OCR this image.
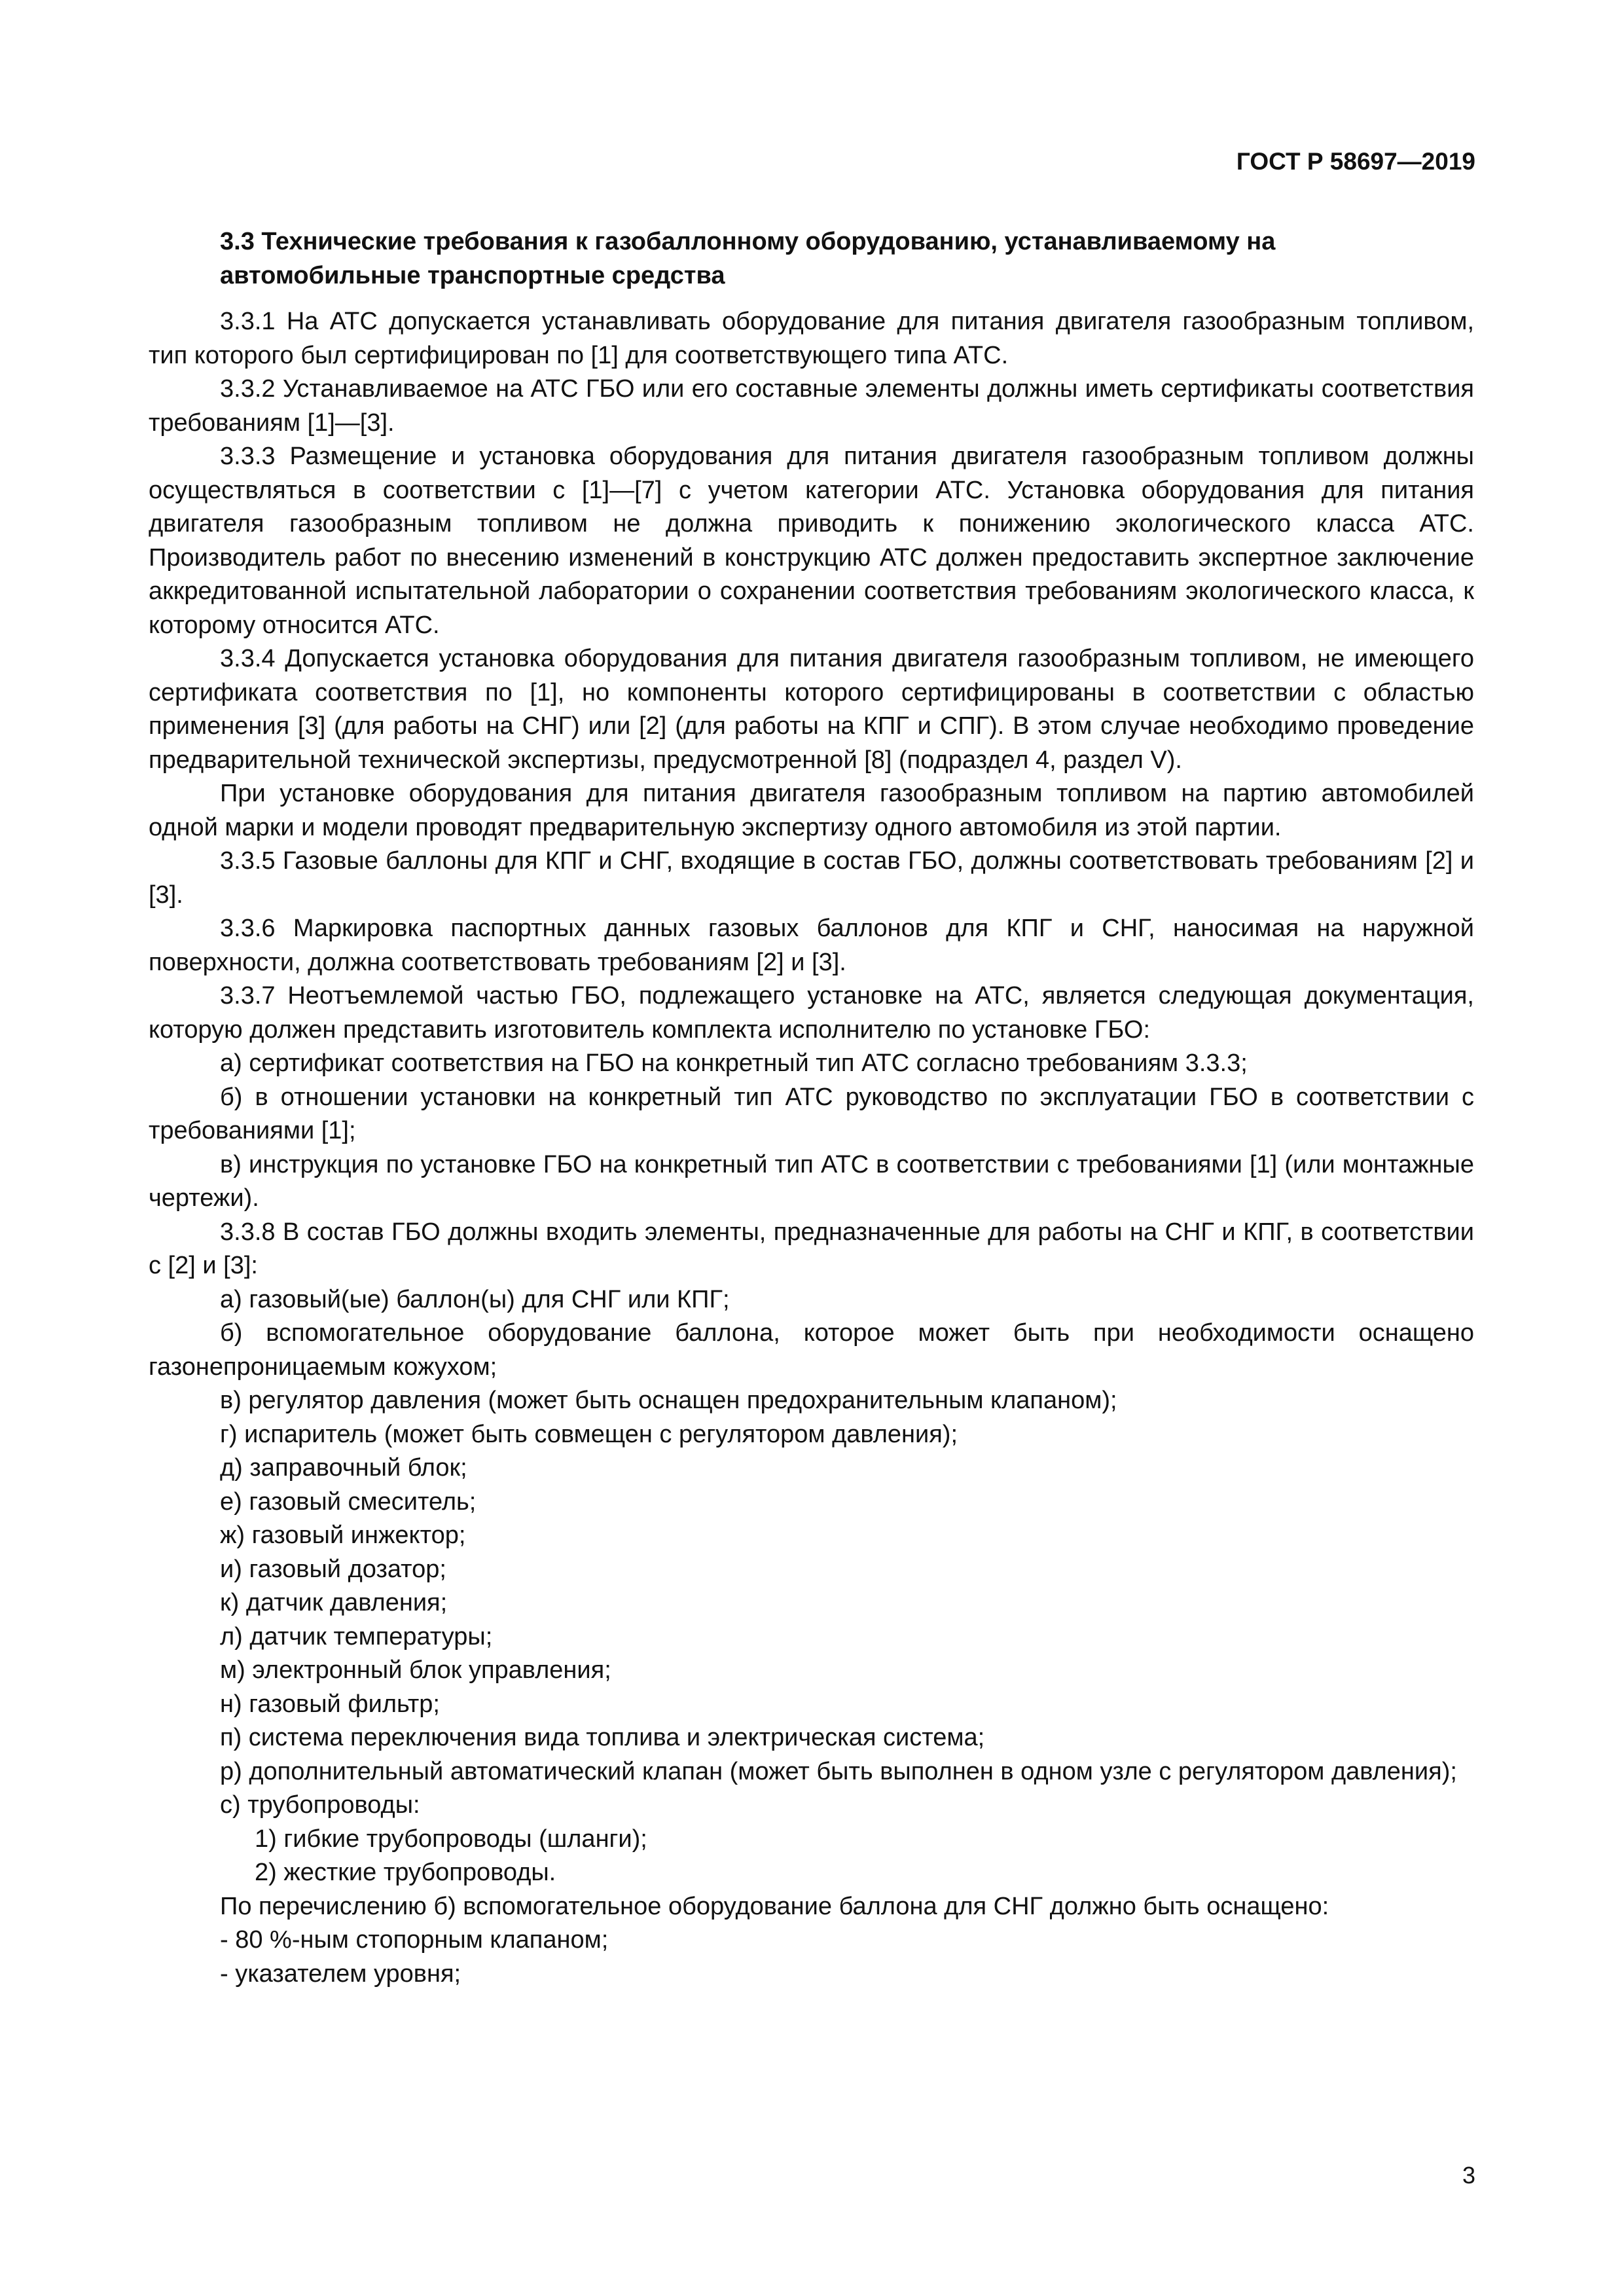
ГОСТ Р 58697—2019
3.3 Технические требования к газобаллонному оборудованию, устанавливаемому на автомобильные транспортные средства

3.3.1 На АТС допускается устанавливать оборудование для питания двигателя газообразным топливом, тип которого был сертифицирован по [1] для соответствующего типа АТС.

3.3.2 Устанавливаемое на АТС ГБО или его составные элементы должны иметь сертификаты соответствия требованиям [1]—[3].

3.3.3 Размещение и установка оборудования для питания двигателя газообразным топливом должны осуществляться в соответствии с [1]—[7] с учетом категории АТС. Установка оборудования для питания двигателя газообразным топливом не должна приводить к понижению экологического класса АТС. Производитель работ по внесению изменений в конструкцию АТС должен предоставить экспертное заключение аккредитованной испытательной лаборатории о сохранении соответствия требованиям экологического класса, к которому относится АТС.

3.3.4 Допускается установка оборудования для питания двигателя газообразным топливом, не имеющего сертификата соответствия по [1], но компоненты которого сертифицированы в соответствии с областью применения [3] (для работы на СНГ) или [2] (для работы на КПГ и СПГ). В этом случае необходимо проведение предварительной технической экспертизы, предусмотренной [8] (подраздел 4, раздел V).

При установке оборудования для питания двигателя газообразным топливом на партию автомобилей одной марки и модели проводят предварительную экспертизу одного автомобиля из этой партии.

3.3.5 Газовые баллоны для КПГ и СНГ, входящие в состав ГБО, должны соответствовать требованиям [2] и [3].

3.3.6 Маркировка паспортных данных газовых баллонов для КПГ и СНГ, наносимая на наружной поверхности, должна соответствовать требованиям [2] и [3].

3.3.7 Неотъемлемой частью ГБО, подлежащего установке на АТС, является следующая документация, которую должен представить изготовитель комплекта исполнителю по установке ГБО:

а) сертификат соответствия на ГБО на конкретный тип АТС согласно требованиям 3.3.3;

б) в отношении установки на конкретный тип АТС руководство по эксплуатации ГБО в соответствии с требованиями [1];

в) инструкция по установке ГБО на конкретный тип АТС в соответствии с требованиями [1] (или монтажные чертежи).

3.3.8 В состав ГБО должны входить элементы, предназначенные для работы на СНГ и КПГ, в соответствии с [2] и [3]:

а) газовый(ые) баллон(ы) для СНГ или КПГ;

б) вспомогательное оборудование баллона, которое может быть при необходимости оснащено газонепроницаемым кожухом;

в) регулятор давления (может быть оснащен предохранительным клапаном);

г) испаритель (может быть совмещен с регулятором давления);

д) заправочный блок;

е) газовый смеситель;

ж) газовый инжектор;

и) газовый дозатор;

к) датчик давления;

л) датчик температуры;

м) электронный блок управления;

н) газовый фильтр;

п) система переключения вида топлива и электрическая система;

р) дополнительный автоматический клапан (может быть выполнен в одном узле с регулятором давления);

с) трубопроводы:

1) гибкие трубопроводы (шланги);

2) жесткие трубопроводы.

По перечислению б) вспомогательное оборудование баллона для СНГ должно быть оснащено:

- 80 %-ным стопорным клапаном;

- указателем уровня;

3
